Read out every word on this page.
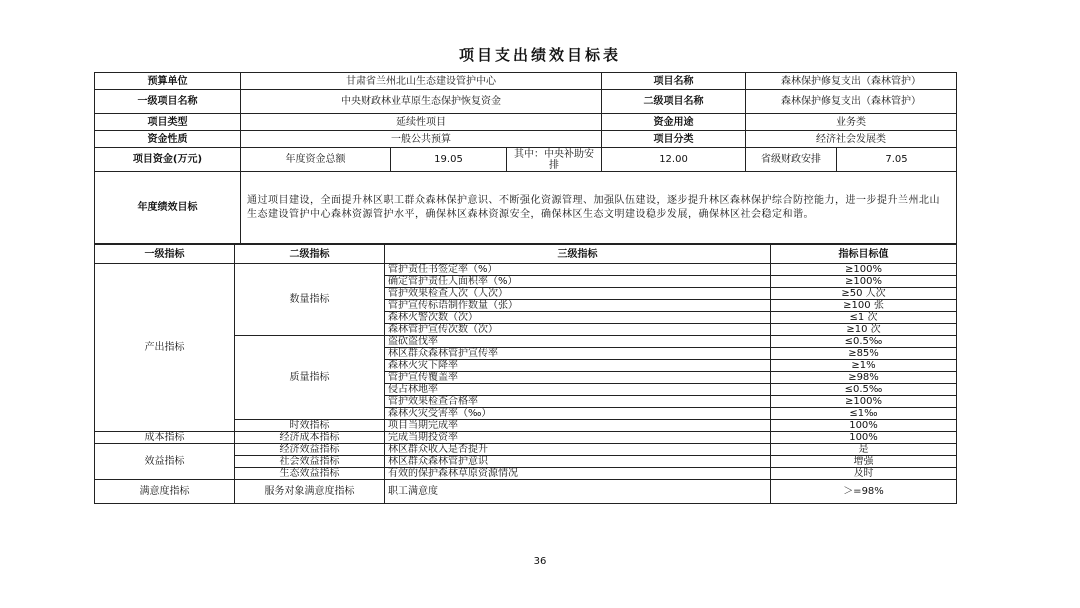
项目支出绩效目标表
预算单位	甘肃省兰州北山生态建设管护中心			项目名称	森林保护修复支出（森林管护）	
一级项目名称	中央财政林业草原生态保护恢复资金			二级项目名称	森林保护修复支出（森林管护）	
项目类型	延续性项目			资金用途	业务类	
资金性质	一般公共预算			项目分类	经济社会发展类	
项目资金(万元)	年度资金总额	19.05	其中：中央补助安排	12.00	省级财政安排	7.05
年度绩效目标	通过项目建设，全面提升林区职工群众森林保护意识、不断强化资源管理、加强队伍建设，逐步提升林区森林保护综合防控能力，进一步提升兰州北山生态建设管护中心森林资源管护水平，确保林区森林资源安全，确保林区生态文明建设稳步发展，确保林区社会稳定和谐。					
一级指标	二级指标	三级指标	指标目标值
产出指标	数量指标	管护责任书签定率（%）	≥100%
		确定管护责任人面积率（%）	≥100%
		管护效果检查人次（人次）	≥50 人次
		管护宣传标语制作数量（张）	≥100 张
		森林火警次数（次）	≤1 次
		森林管护宣传次数（次）	≥10 次
	质量指标	盗砍盗伐率	≤0.5‰
		林区群众森林管护宣传率	≥85%
		森林火灾下降率	≥1%
		管护宣传覆盖率	≥98%
		侵占林地率	≤0.5‰
		管护效果检查合格率	≥100%
		森林火灾受害率（‰）	≤1‰
	时效指标	项目当期完成率	100%
成本指标	经济成本指标	完成当期投资率	100%
效益指标	经济效益指标	林区群众收入是否提升	是
	社会效益指标	林区群众森林管护意识	增强
	生态效益指标	有效的保护森林草原资源情况	及时
满意度指标	服务对象满意度指标	职工满意度	＞=98%
36
